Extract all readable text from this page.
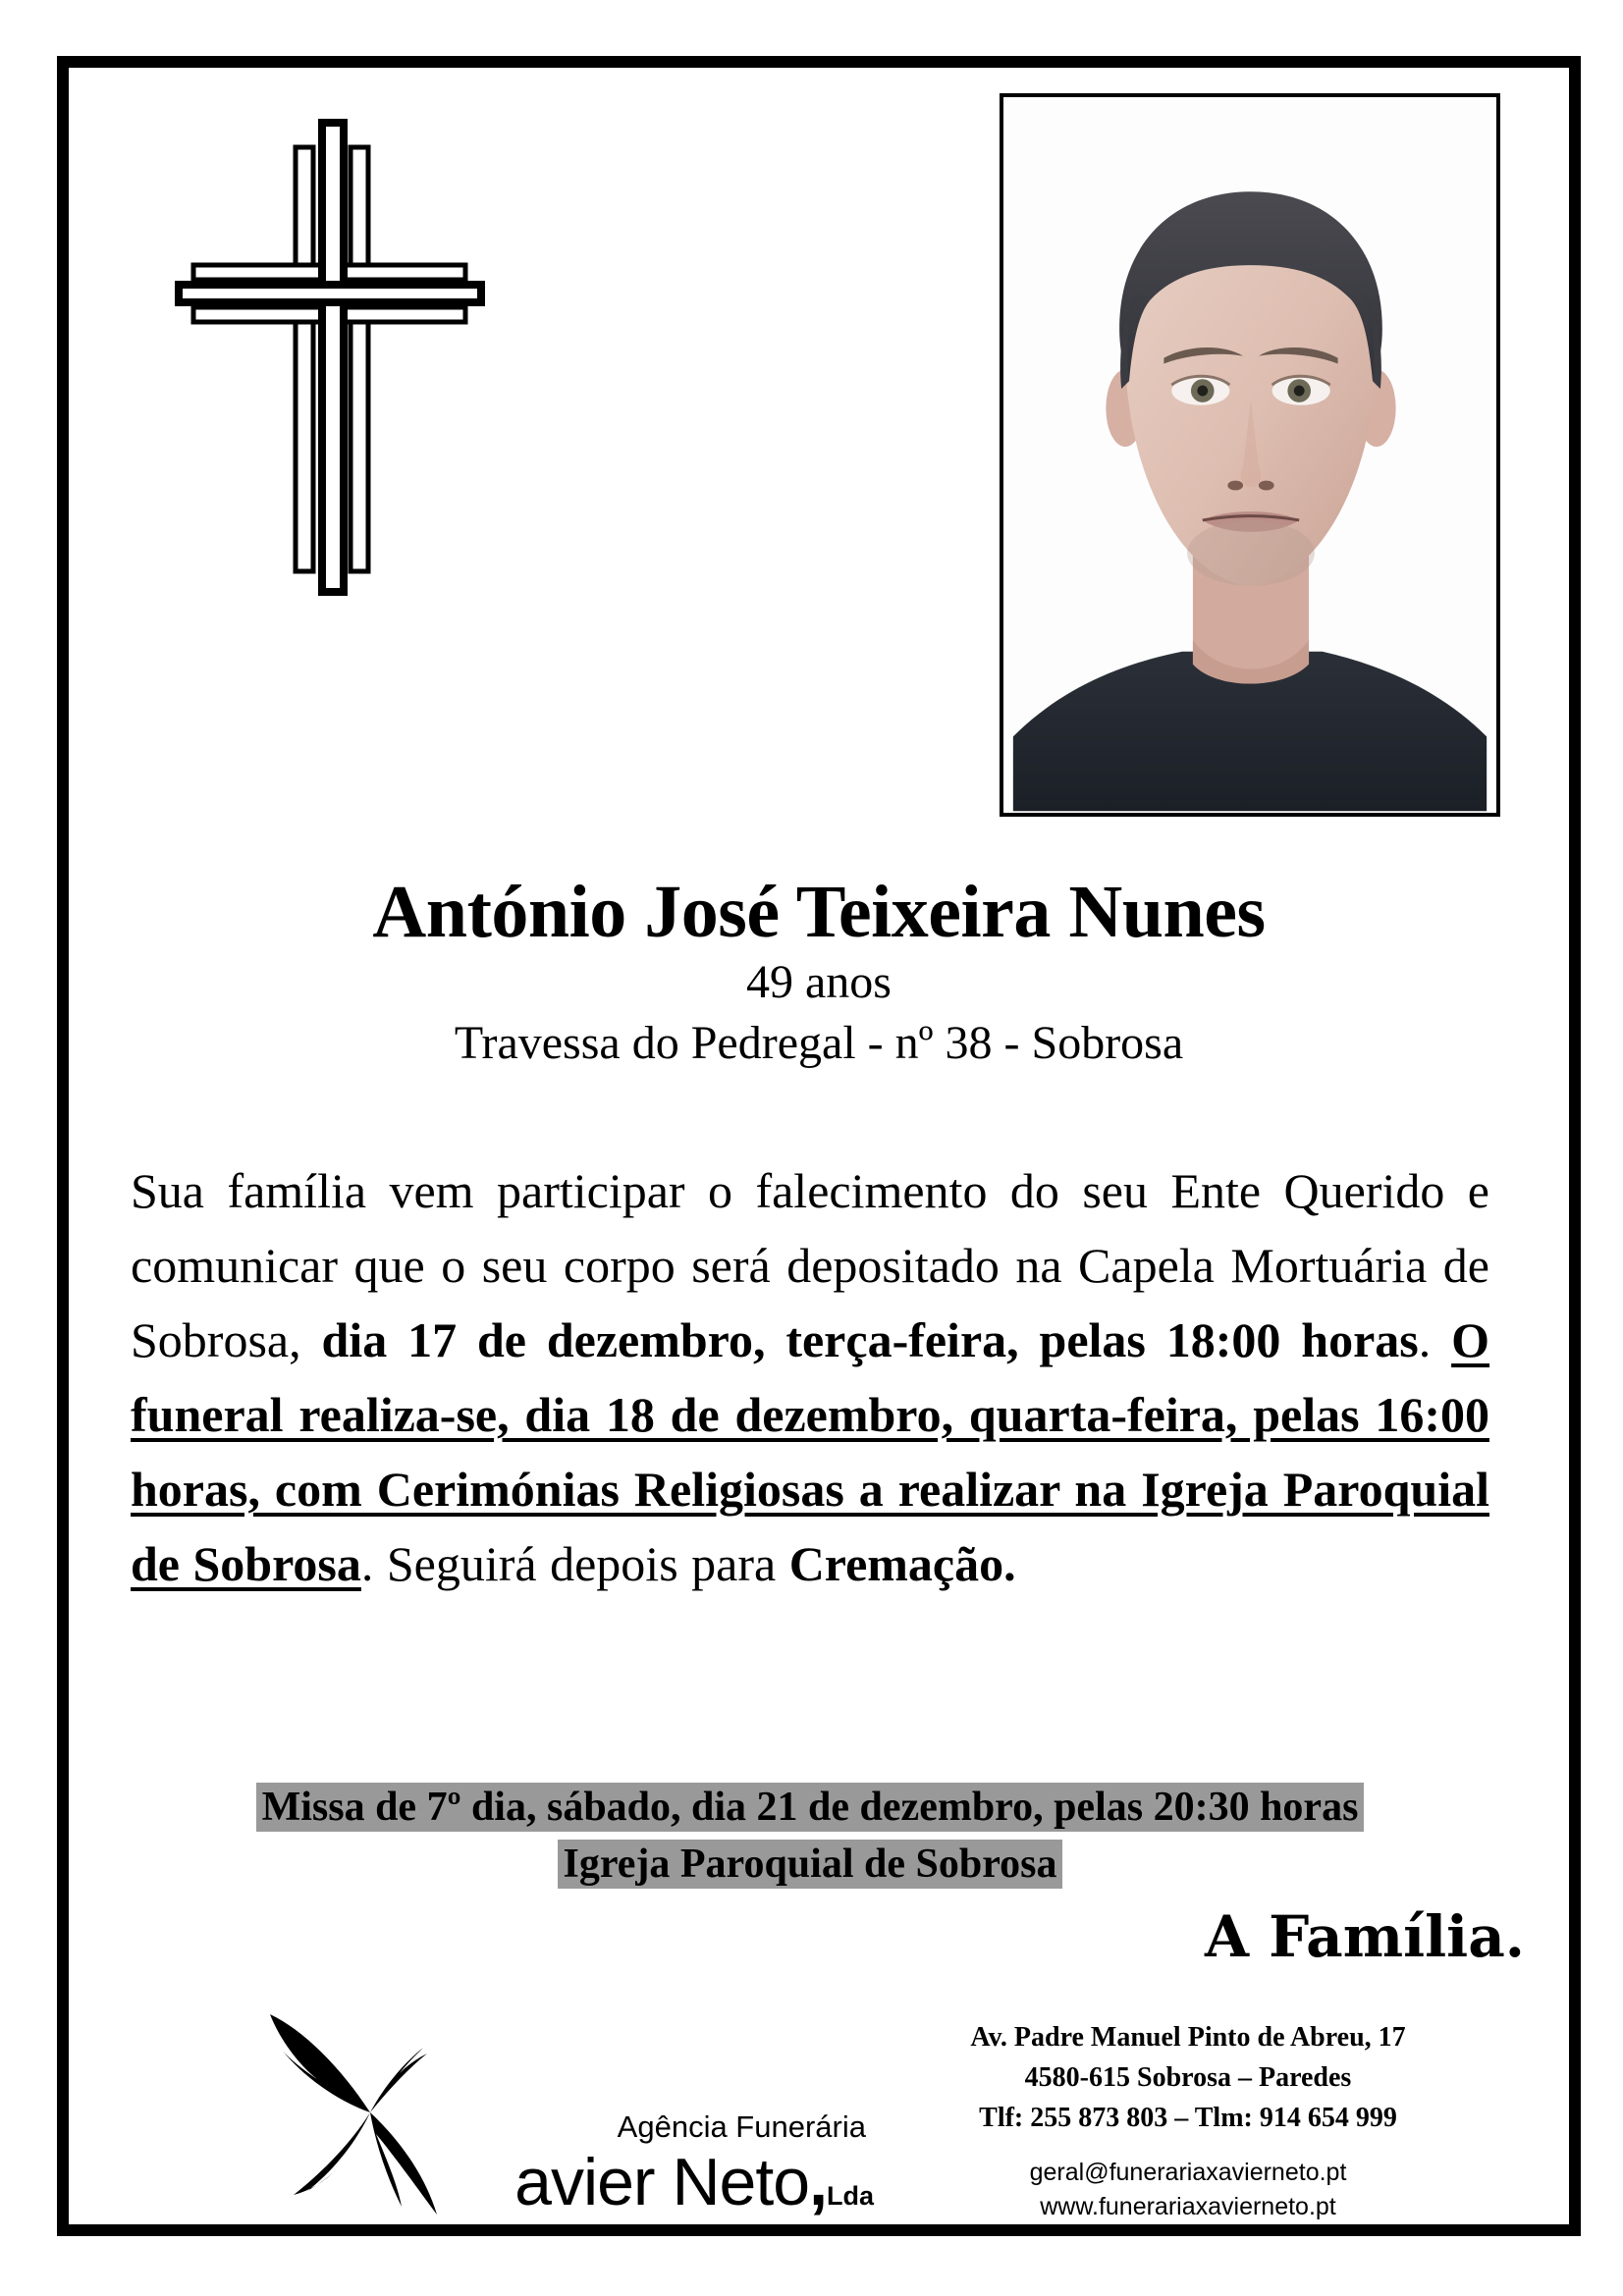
António José Teixeira Nunes
49 anos
Travessa do Pedregal - nº 38 - Sobrosa
Sua família vem participar o falecimento do seu Ente Querido e comunicar que o seu corpo será depositado na Capela Mortuária de Sobrosa, dia 17 de dezembro, terça-feira, pelas 18:00 horas. O funeral realiza-se, dia 18 de dezembro, quarta-feira, pelas 16:00 horas, com Cerimónias Religiosas a realizar na Igreja Paroquial de Sobrosa. Seguirá depois para Cremação.
Missa de 7º dia, sábado, dia 21 de dezembro, pelas 20:30 horas
Igreja Paroquial de Sobrosa
A Família.
Agência Funerária
avier Neto,Lda
Av. Padre Manuel Pinto de Abreu, 17
4580-615 Sobrosa – Paredes
Tlf: 255 873 803 – Tlm: 914 654 999
geral@funerariaxavierneto.pt
www.funerariaxavierneto.pt
